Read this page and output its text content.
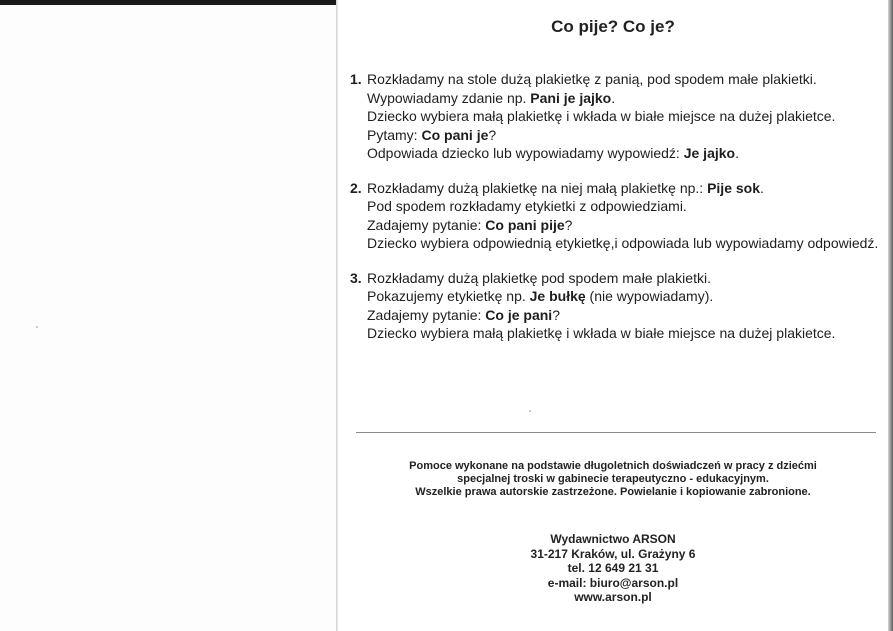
Co pije? Co je?
1. Rozkładamy na stole dużą plakietkę z panią, pod spodem małe plakietki.
Wypowiadamy zdanie np. Pani je jajko.
Dziecko wybiera małą plakietkę i wkłada w białe miejsce na dużej plakietce.
Pytamy: Co pani je?
Odpowiada dziecko lub wypowiadamy wypowiedź: Je jajko.
2. Rozkładamy dużą plakietkę na niej małą plakietkę np.: Pije sok.
Pod spodem rozkładamy etykietki z odpowiedziami.
Zadajemy pytanie: Co pani pije?
Dziecko wybiera odpowiednią etykietkę,i odpowiada lub wypowiadamy odpowiedź.
3. Rozkładamy dużą plakietkę pod spodem małe plakietki.
Pokazujemy etykietkę np. Je bułkę (nie wypowiadamy).
Zadajemy pytanie: Co je pani?
Dziecko wybiera małą plakietkę i wkłada w białe miejsce na dużej plakietce.
Pomoce wykonane na podstawie długoletnich doświadczeń w pracy z dziećmi
specjalnej troski w gabinecie terapeutyczno - edukacyjnym.
Wszelkie prawa autorskie zastrzeżone. Powielanie i kopiowanie zabronione.
Wydawnictwo ARSON
31-217 Kraków, ul. Grażyny 6
tel. 12 649 21 31
e-mail: biuro@arson.pl
www.arson.pl
